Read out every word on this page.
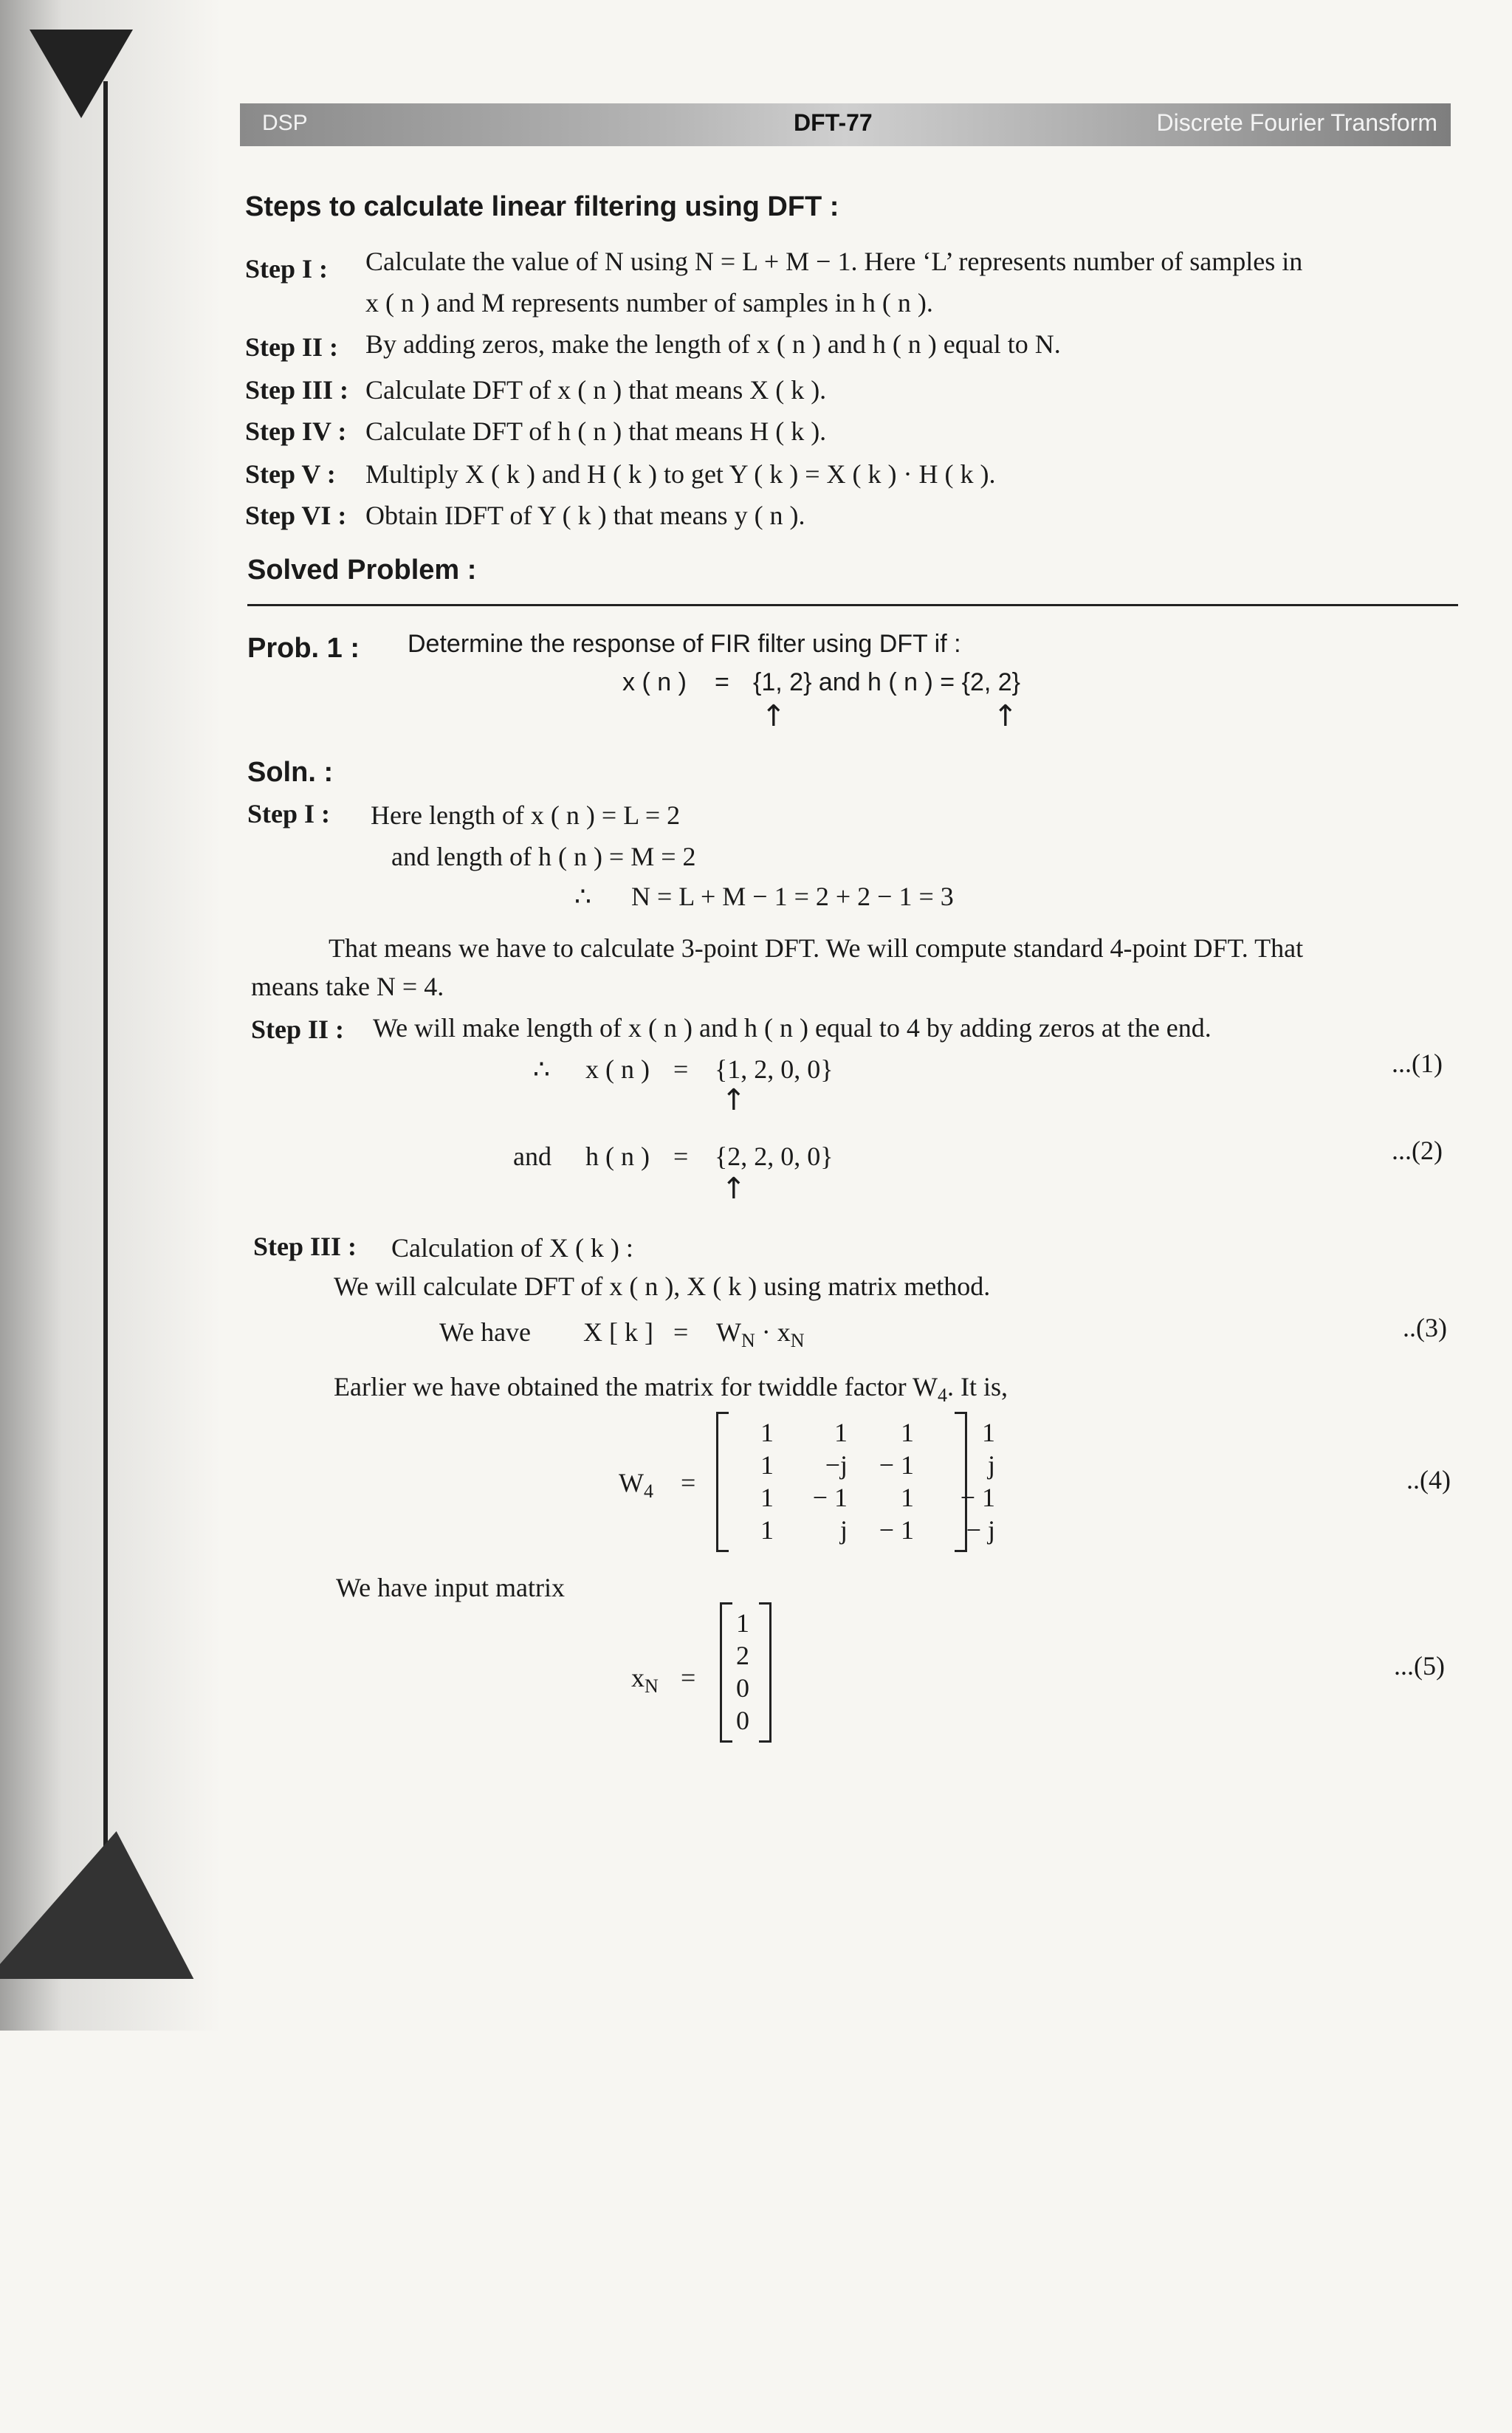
DSP	DFT-77	Discrete Fourier Transform
Steps to calculate linear filtering using DFT :
Step I : Calculate the value of N using N = L + M − 1. Here ‘L’ represents number of samples in
x ( n ) and M represents number of samples in h ( n ).
Step II : By adding zeros, make the length of x ( n ) and h ( n ) equal to N.
Step III : Calculate DFT of x ( n ) that means X ( k ).
Step IV : Calculate DFT of h ( n ) that means H ( k ).
Step V : Multiply X ( k ) and H ( k ) to get Y ( k ) = X ( k ) · H ( k ).
Step VI : Obtain IDFT of Y ( k ) that means y ( n ).
Solved Problem :
Prob. 1 : Determine the response of FIR filter using DFT if :
x ( n ) = {1, 2} and h ( n ) = {2, 2}
↑	↑
Soln. :
Step I : Here length of x ( n ) = L = 2
and length of h ( n ) = M = 2
∴ N = L + M − 1 = 2 + 2 − 1 = 3
That means we have to calculate 3-point DFT. We will compute standard 4-point DFT. That
means take N = 4.
Step II : We will make length of x ( n ) and h ( n ) equal to 4 by adding zeros at the end.
∴ x ( n ) = {1, 2, 0, 0}	...(1)
↑
and h ( n ) = {2, 2, 0, 0}	...(2)
↑
Step III : Calculation of X ( k ) :
We will calculate DFT of x ( n ), X ( k ) using matrix method.
We have X [ k ] = $W_N \cdot x_N$	..(3)
Earlier we have obtained the matrix for twiddle factor $W_4$. It is,
$W_4$ =
1	1	1	1
1	−j	− 1	j
1	− 1	1	− 1
1	j	− 1	− j
..(4)
We have input matrix
$x_N$ =
1
2
0
0
...(5)
